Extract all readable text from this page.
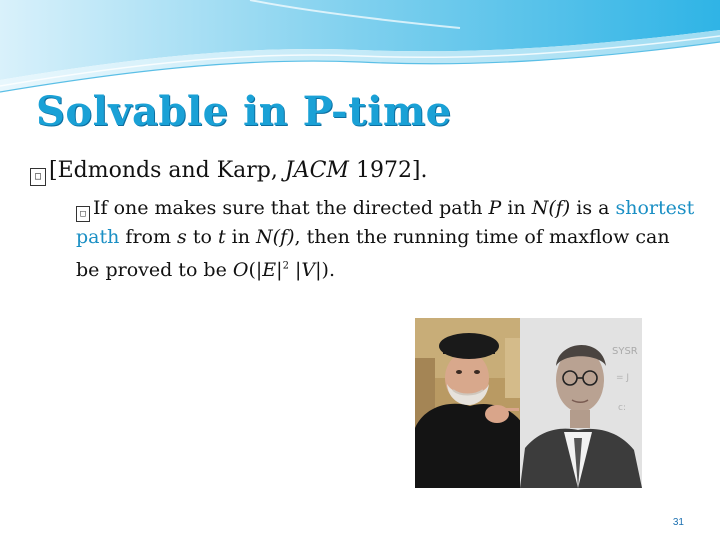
Solvable in P-time
□ [Edmonds and Karp, JACM 1972].
□ If one makes sure that the directed path P in N(f) is a shortest path from s to t in N(f), then the running time of maxflow can be proved to be $O(|E|^2$ |V|).
SYSR
= J
c:
31
